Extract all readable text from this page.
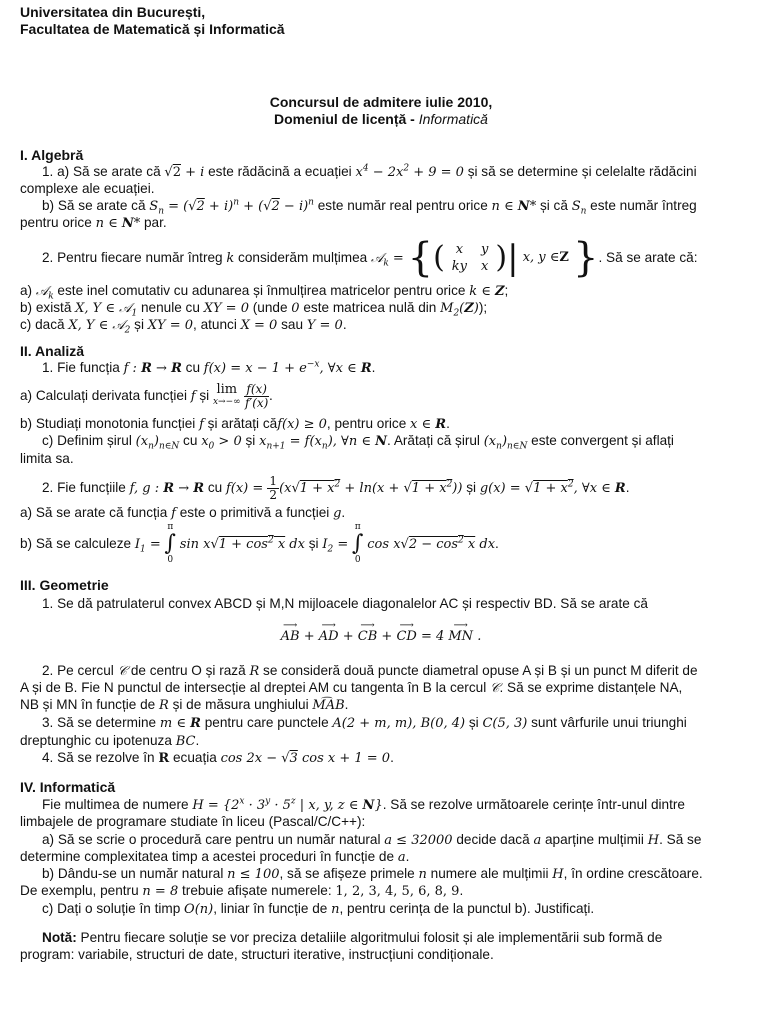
Universitatea din București,
Facultatea de Matematică și Informatică
Concursul de admitere iulie 2010,
Domeniul de licență - Informatică
I. Algebră
1. a) Să se arate că √2 + i este rădăcină a ecuației $x^4 - 2x^2 + 9 = 0$ și să se determine și celelalte rădăcini
complexe ale ecuației.
b) Să se arate că $S_n = (√2 + i)^n + (√2 - i)^n$ este număr real pentru orice n ∈ N* și că $S_n$ este număr întreg
pentru orice n ∈ N* par.
2. Pentru fiecare număr întreg k considerăm mulțimea 𝒜$_k$ = { ( x	y
ky	x ) | x, y ∈ Z
} . Să se arate că:
a) 𝒜$_k$ este inel comutativ cu adunarea și înmulțirea matricelor pentru orice k ∈ Z;
b) există X, Y ∈ 𝒜$_1$ nenule cu XY = 0 (unde 0 este matricea nulă din $M_2(Z)$);
c) dacă X, Y ∈ 𝒜$_2$ și XY = 0, atunci X = 0 sau Y = 0.
II. Analiză
1. Fie funcția f : R → R cu $f(x) = x - 1 + e^{-x}$, ∀x ∈ R.
a) Calculați derivata funcției f și lim
x→−∞
$\frac{f(x)}{f'(x)}$ .
b) Studiați monotonia funcției f și arătați căf(x) ≥ 0, pentru orice x ∈ R.
c) Definim șirul $(x_n)_{n\in N}$ cu $x_0 > 0$ și $x_{n+1} = f(x_n)$, ∀n ∈ N. Arătați că șirul $(x_n)_{n\in N}$ este convergent și aflați
limita sa.
2. Fie funcțiile f, g : R → R cu $f(x) = \frac{1}{2} (x√1 + x^2 + \ln(x + √1 + x^2))$ și $g(x) = √1 + x^2$, ∀x ∈ R.
a) Să se arate că funcția f este o primitivă a funcției g.
b) Să se calculeze $I_1$ =
π
∫
0
$\sin x√1 + \cos^2 x$ dx și $I_2$ =
π
∫
0
$\cos x√2 - \cos^2 x$ dx.
III. Geometrie
1. Se dă patrulaterul convex ABCD și M,N mijloacele diagonalelor AC și respectiv BD. Să se arate că
⟶ AB + ⟶ AD + ⟶ CB + ⟶ CD = 4 ⟶ MN .
2. Pe cercul 𝒞 de centru O și rază R se consideră două puncte diametral opuse A și B și un punct M diferit de
A și de B. Fie N punctul de intersecție al dreptei AM cu tangenta în B la cercul 𝒞. Să se exprime distanțele NA,
NB și MN în funcție de R și de măsura unghiului M͡AB.
3. Să se determine m ∈ R pentru care punctele A(2 + m, m), B(0, 4) și C(5, 3) sunt vârfurile unui triunghi
dreptunghic cu ipotenuza BC.
4. Să se rezolve în R ecuația cos 2x − √3 cos x + 1 = 0.
IV. Informatică
Fie multimea de numere $H = \{2^x \cdot 3^y \cdot 5^z$ | x, y, z ∈ N}. Să se rezolve următoarele cerințe într-unul dintre
limbajele de programare studiate în liceu (Pascal/C/C++):
a) Să se scrie o procedură care pentru un număr natural a ≤ 32000 decide dacă a aparține mulțimii H. Să se
determine complexitatea timp a acestei proceduri în funcție de a.
b) Dându-se un număr natural n ≤ 100, să se afișeze primele n numere ale mulțimii H, în ordine crescătoare.
De exemplu, pentru n = 8 trebuie afișate numerele: 1, 2, 3, 4, 5, 6, 8, 9.
c) Dați o soluție în timp O(n), liniar în funcție de n, pentru cerința de la punctul b). Justificați.
Notă: Pentru fiecare soluție se vor preciza detaliile algoritmului folosit și ale implementării sub formă de
program: variabile, structuri de date, structuri iterative, instrucțiuni condiționale.
